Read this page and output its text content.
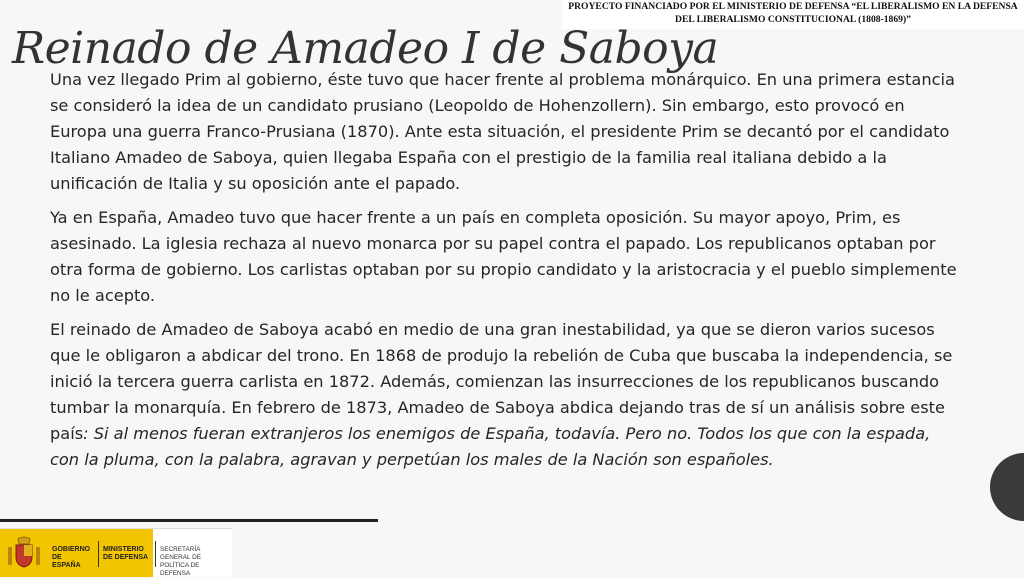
PROYECTO FINANCIADO POR EL MINISTERIO DE DEFENSA “EL LIBERALISMO EN LA DEFENSA
DEL LIBERALISMO CONSTITUCIONAL (1808-1869)”
Reinado de Amadeo I de Saboya

Una vez llegado Prim al gobierno, éste tuvo que hacer frente al problema monárquico. En una primera estancia se consideró la idea de un candidato prusiano (Leopoldo de Hohenzollern). Sin embargo, esto provocó en Europa una guerra Franco-Prusiana (1870). Ante esta situación, el presidente Prim se decantó por el candidato Italiano Amadeo de Saboya, quien llegaba España con el prestigio de la familia real italiana debido a la unificación de Italia y su oposición ante el papado.

Ya en España, Amadeo tuvo que hacer frente a un país en completa oposición. Su mayor apoyo, Prim, es asesinado. La iglesia rechaza al nuevo monarca por su papel contra el papado. Los republicanos optaban por otra forma de gobierno. Los carlistas optaban por su propio candidato y la aristocracia y el pueblo simplemente no le acepto.

El reinado de Amadeo de Saboya acabó en medio de una gran inestabilidad, ya que se dieron varios sucesos que le obligaron a abdicar del trono. En 1868 de produjo la rebelión de Cuba que buscaba la independencia, se inició la tercera guerra carlista en 1872. Además, comienzan las insurrecciones de los republicanos buscando tumbar la monarquía. En febrero de 1873, Amadeo de Saboya abdica dejando tras de sí un análisis sobre este país: Si al menos fueran extranjeros los enemigos de España, todavía. Pero no. Todos los que con la espada, con la pluma, con la palabra, agravan y perpetúan los males de la Nación son españoles.

GOBIERNO DE ESPAÑA
MINISTERIO DE DEFENSA
SECRETARÍA GENERAL DE POLÍTICA DE DEFENSA
